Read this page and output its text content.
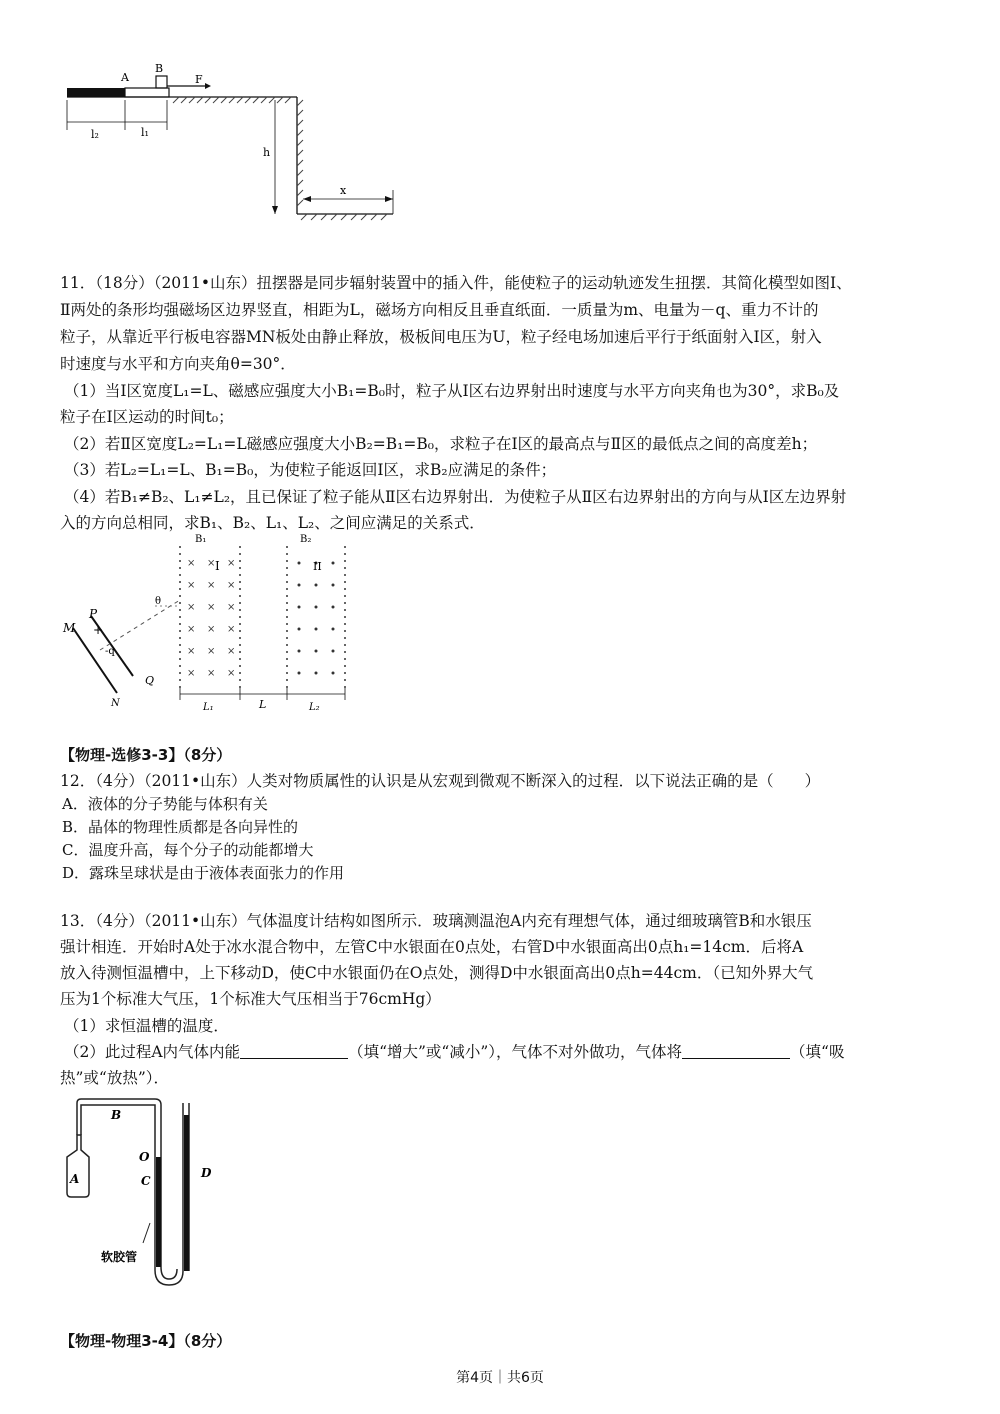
A
B
F
l₂	l₁
h
x
11．（18分）（2011•山东）扭摆器是同步辐射装置中的插入件，能使粒子的运动轨迹发生扭摆．其简化模型如图Ⅰ、
Ⅱ两处的条形均强磁场区边界竖直，相距为L，磁场方向相反且垂直纸面．一质量为m、电量为－q、重力不计的
粒子，从靠近平行板电容器MN板处由静止释放，极板间电压为U，粒子经电场加速后平行于纸面射入Ⅰ区，射入
时速度与水平和方向夹角θ=30°．
（1）当Ⅰ区宽度L₁=L、磁感应强度大小B₁=B₀时，粒子从Ⅰ区右边界射出时速度与水平方向夹角也为30°，求B₀及
粒子在Ⅰ区运动的时间t₀；
（2）若Ⅱ区宽度L₂=L₁=L磁感应强度大小B₂=B₁=B₀，求粒子在Ⅰ区的最高点与Ⅱ区的最低点之间的高度差h；
（3）若L₂=L₁=L、B₁=B₀，为使粒子能返回Ⅰ区，求B₂应满足的条件；
（4）若B₁≠B₂、L₁≠L₂，且已保证了粒子能从Ⅱ区右边界射出．为使粒子从Ⅱ区右边界射出的方向与从Ⅰ区左边界射
入的方向总相同，求B₁、B₂、L₁、L₂、之间应满足的关系式．
× × ×
× × ×
× × ×
× × ×
× × ×
× × ×
B₁	B₂
I	II
θ
M
P
+
-q
Q
N	L₁	L	L₂
【物理-选修3-3】（8分）
12．（4分）（2011•山东）人类对物质属性的认识是从宏观到微观不断深入的过程．以下说法正确的是（　　）
A．液体的分子势能与体积有关
B．晶体的物理性质都是各向异性的
C．温度升高，每个分子的动能都增大
D．露珠呈球状是由于液体表面张力的作用
13．（4分）（2011•山东）气体温度计结构如图所示．玻璃测温泡A内充有理想气体，通过细玻璃管B和水银压
强计相连．开始时A处于冰水混合物中，左管C中水银面在0点处，右管D中水银面高出0点h₁=14cm．后将A
放入待测恒温槽中，上下移动D，使C中水银面仍在O点处，测得D中水银面高出0点h=44cm．（已知外界大气
压为1个标准大气压，1个标准大气压相当于76cmHg）
（1）求恒温槽的温度．
（2）此过程A内气体内能	（填“增大”或“减小”），气体不对外做功，气体将	（填“吸
热”或“放热”）．
A
B
O
C
D
软胶管
【物理-物理3-4】（8分）
第4页｜共6页
